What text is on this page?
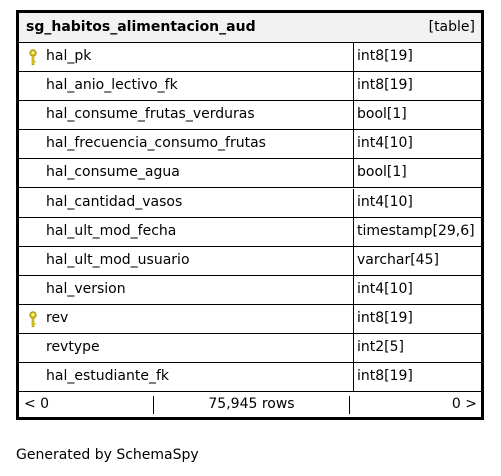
sg_habitos_alimentacion_aud	[table]
hal_pk	int8[19]
hal_anio_lectivo_fk	int8[19]
hal_consume_frutas_verduras	bool[1]
hal_frecuencia_consumo_frutas	int4[10]
hal_consume_agua	bool[1]
hal_cantidad_vasos	int4[10]
hal_ult_mod_fecha	timestamp[29,6]
hal_ult_mod_usuario	varchar[45]
hal_version	int4[10]
rev	int8[19]
revtype	int2[5]
hal_estudiante_fk	int8[19]
< 0	75,945 rows	0 >
Generated by SchemaSpy
